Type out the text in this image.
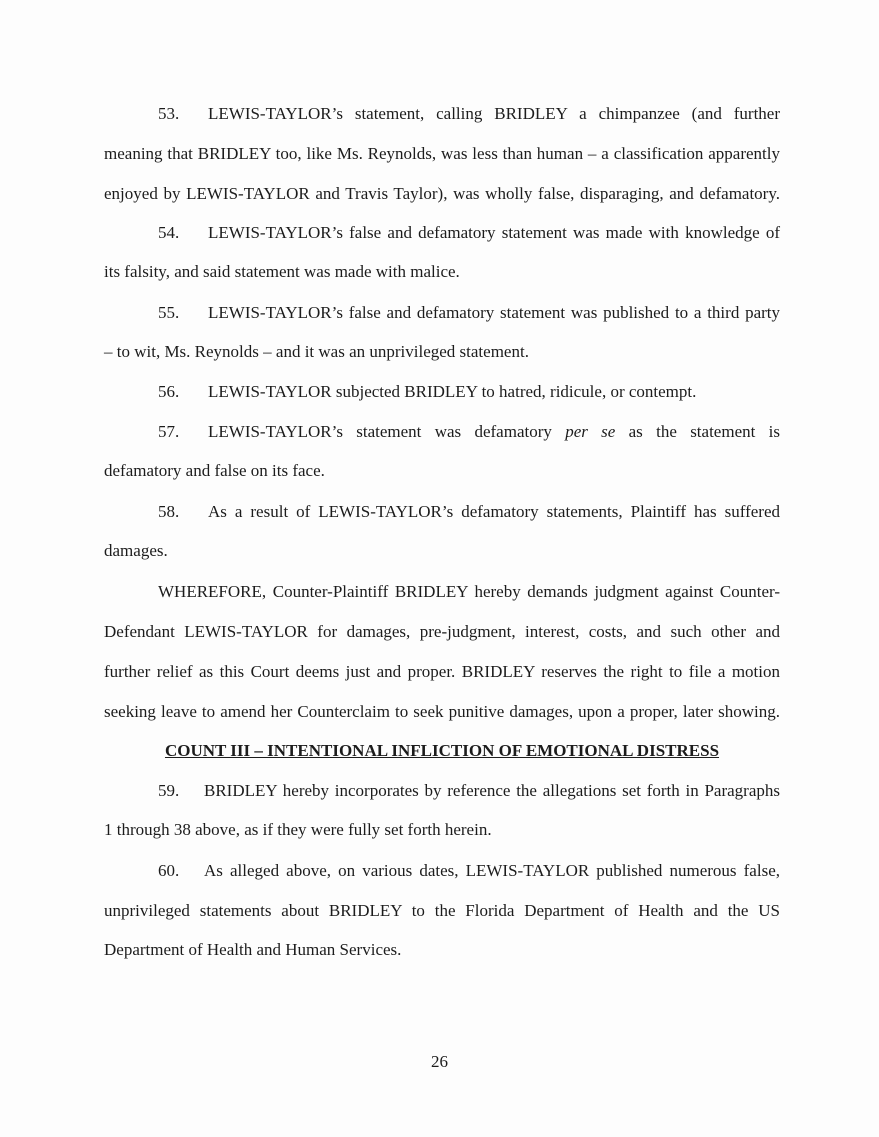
53. LEWIS-TAYLOR’s statement, calling BRIDLEY a chimpanzee (and further
meaning that BRIDLEY too, like Ms. Reynolds, was less than human – a classification apparently
enjoyed by LEWIS-TAYLOR and Travis Taylor), was wholly false, disparaging, and defamatory.
54. LEWIS-TAYLOR’s false and defamatory statement was made with knowledge of
its falsity, and said statement was made with malice.
55. LEWIS-TAYLOR’s false and defamatory statement was published to a third party
– to wit, Ms. Reynolds – and it was an unprivileged statement.
56. LEWIS-TAYLOR subjected BRIDLEY to hatred, ridicule, or contempt.
57. LEWIS-TAYLOR’s statement was defamatory per se as the statement is
defamatory and false on its face.
58. As a result of LEWIS-TAYLOR’s defamatory statements, Plaintiff has suffered
damages.
WHEREFORE, Counter-Plaintiff BRIDLEY hereby demands judgment against Counter-
Defendant LEWIS-TAYLOR for damages, pre-judgment, interest, costs, and such other and
further relief as this Court deems just and proper. BRIDLEY reserves the right to file a motion
seeking leave to amend her Counterclaim to seek punitive damages, upon a proper, later showing.
COUNT III – INTENTIONAL INFLICTION OF EMOTIONAL DISTRESS
59. BRIDLEY hereby incorporates by reference the allegations set forth in Paragraphs
1 through 38 above, as if they were fully set forth herein.
60. As alleged above, on various dates, LEWIS-TAYLOR published numerous false,
unprivileged statements about BRIDLEY to the Florida Department of Health and the US
Department of Health and Human Services.
26
